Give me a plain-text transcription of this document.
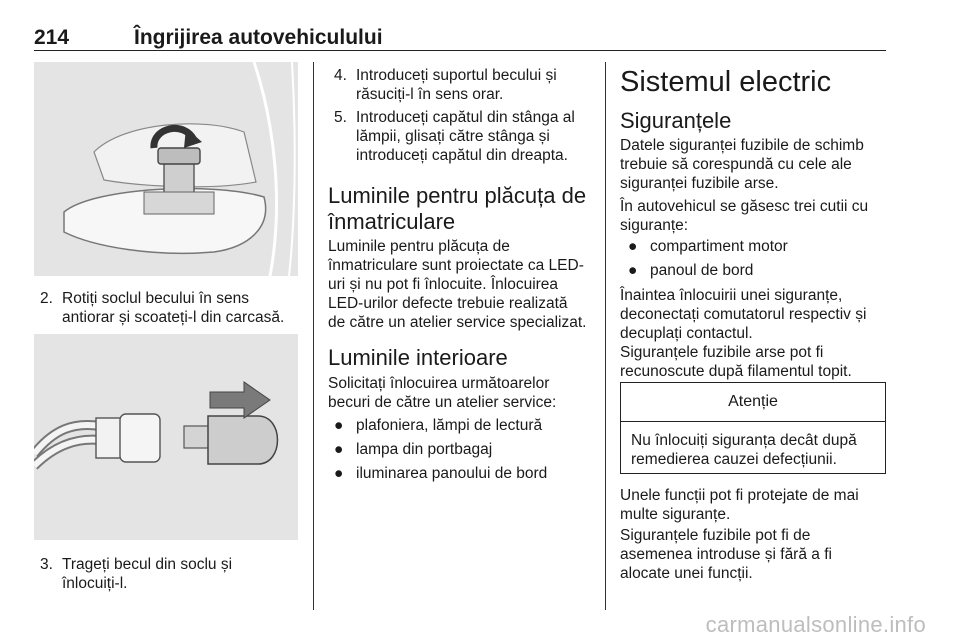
214	Îngrijirea autovehiculului
2. Rotiți soclul becului în sens
antiorar și scoateți-l din carcasă.
3. Trageți becul din soclu și
înlocuiți-l.
4. Introduceți suportul becului și
răsuciți-l în sens orar.
5. Introduceți capătul din stânga al
lămpii, glisați către stânga și
introduceți capătul din dreapta.
Luminile pentru plăcuța de
înmatriculare
Luminile pentru plăcuța de
înmatriculare sunt proiectate ca LED-
uri și nu pot fi înlocuite. Înlocuirea
LED-urilor defecte trebuie realizată
de către un atelier service specializat.
Luminile interioare
Solicitați înlocuirea următoarelor
becuri de către un atelier service:
● plafoniera, lămpi de lectură
● lampa din portbagaj
● iluminarea panoului de bord
Sistemul electric
Siguranțele
Datele siguranței fuzibile de schimb
trebuie să corespundă cu cele ale
siguranței fuzibile arse.
În autovehicul se găsesc trei cutii cu
siguranțe:
● compartiment motor
● panoul de bord
Înaintea înlocuirii unei siguranțe,
deconectați comutatorul respectiv și
decuplați contactul.
Siguranțele fuzibile arse pot fi
recunoscute după filamentul topit.
Atenție
Nu înlocuiți siguranța decât după
remedierea cauzei defecțiunii.
Unele funcții pot fi protejate de mai
multe siguranțe.
Siguranțele fuzibile pot fi de
asemenea introduse și fără a fi
alocate unei funcții.
carmanualsonline.info
